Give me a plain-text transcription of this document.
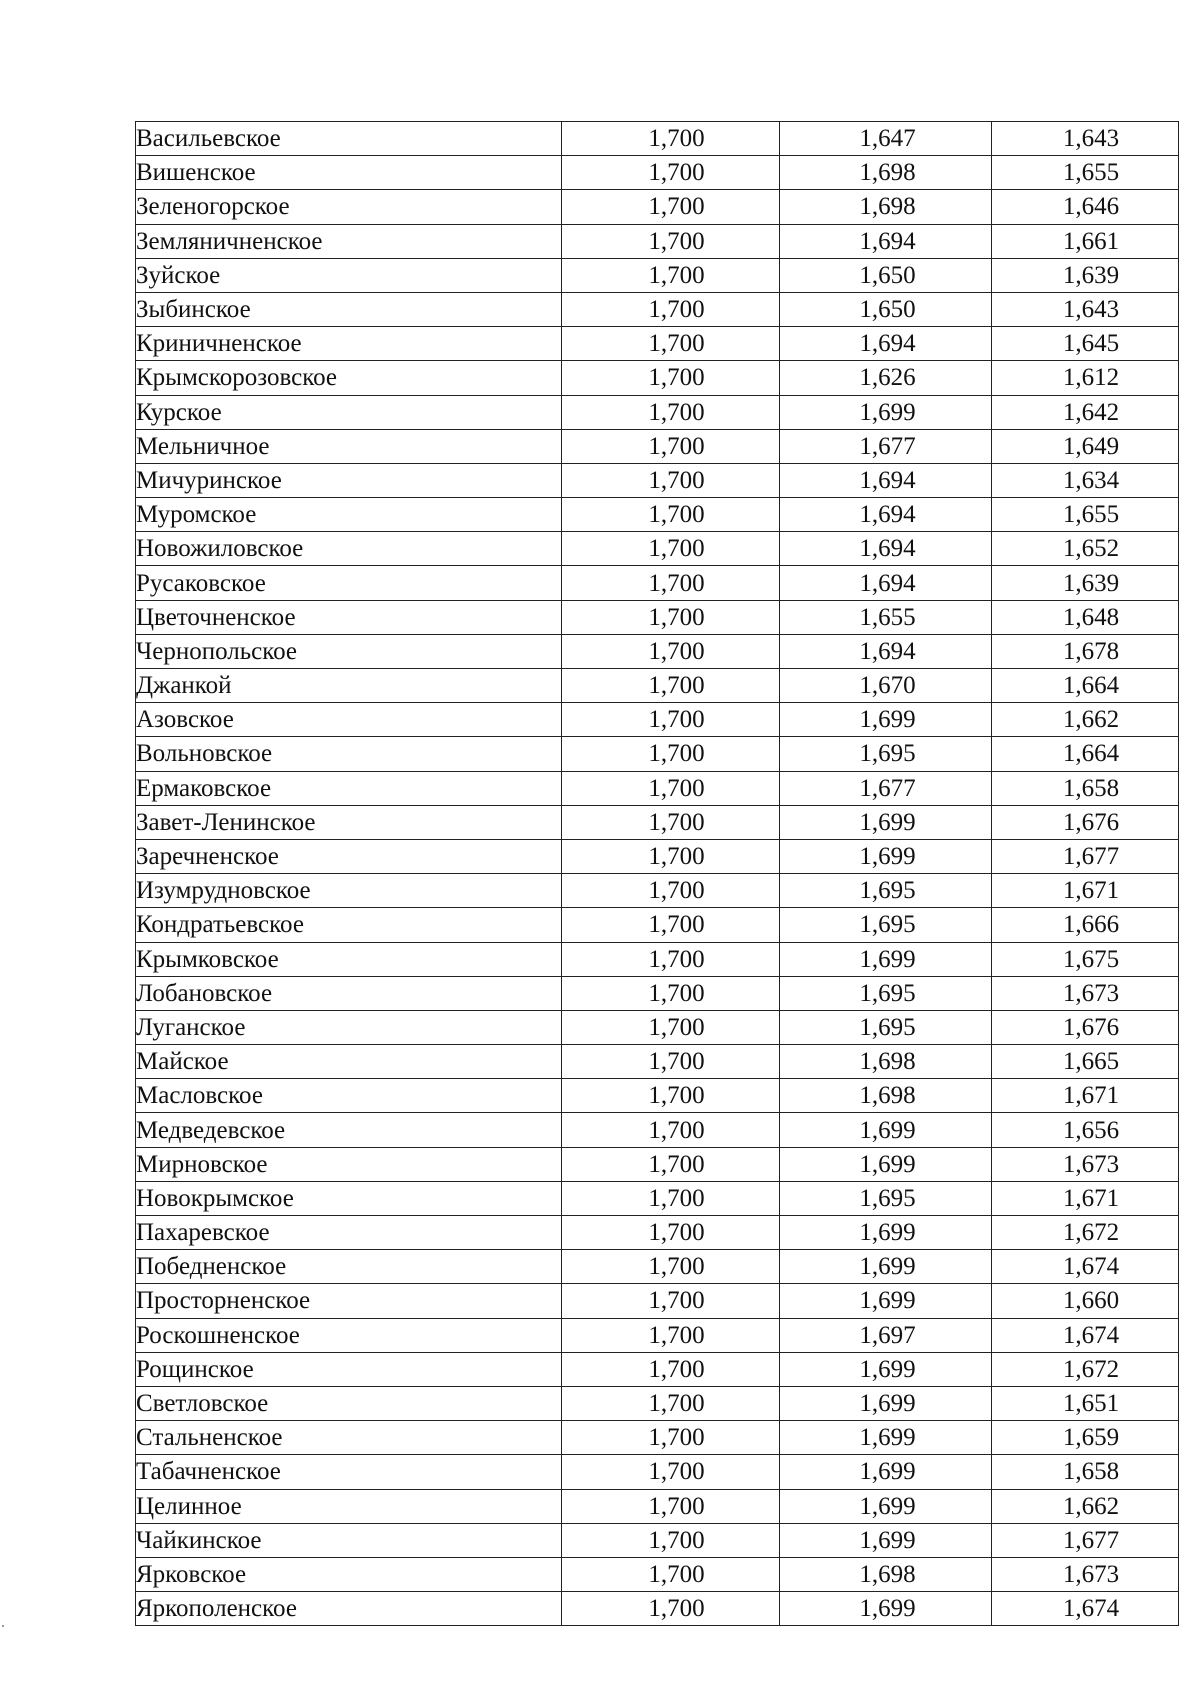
Васильевское	1,700	1,647	1,643
Вишенское	1,700	1,698	1,655
Зеленогорское	1,700	1,698	1,646
Земляничненское	1,700	1,694	1,661
Зуйское	1,700	1,650	1,639
Зыбинское	1,700	1,650	1,643
Криничненское	1,700	1,694	1,645
Крымскорозовское	1,700	1,626	1,612
Курское	1,700	1,699	1,642
Мельничное	1,700	1,677	1,649
Мичуринское	1,700	1,694	1,634
Муромское	1,700	1,694	1,655
Новожиловское	1,700	1,694	1,652
Русаковское	1,700	1,694	1,639
Цветочненское	1,700	1,655	1,648
Чернопольское	1,700	1,694	1,678
Джанкой	1,700	1,670	1,664
Азовское	1,700	1,699	1,662
Вольновское	1,700	1,695	1,664
Ермаковское	1,700	1,677	1,658
Завет-Ленинское	1,700	1,699	1,676
Заречненское	1,700	1,699	1,677
Изумрудновское	1,700	1,695	1,671
Кондратьевское	1,700	1,695	1,666
Крымковское	1,700	1,699	1,675
Лобановское	1,700	1,695	1,673
Луганское	1,700	1,695	1,676
Майское	1,700	1,698	1,665
Масловское	1,700	1,698	1,671
Медведевское	1,700	1,699	1,656
Мирновское	1,700	1,699	1,673
Новокрымское	1,700	1,695	1,671
Пахаревское	1,700	1,699	1,672
Победненское	1,700	1,699	1,674
Просторненское	1,700	1,699	1,660
Роскошненское	1,700	1,697	1,674
Рощинское	1,700	1,699	1,672
Светловское	1,700	1,699	1,651
Стальненское	1,700	1,699	1,659
Табачненское	1,700	1,699	1,658
Целинное	1,700	1,699	1,662
Чайкинское	1,700	1,699	1,677
Ярковское	1,700	1,698	1,673
Яркополенское	1,700	1,699	1,674
